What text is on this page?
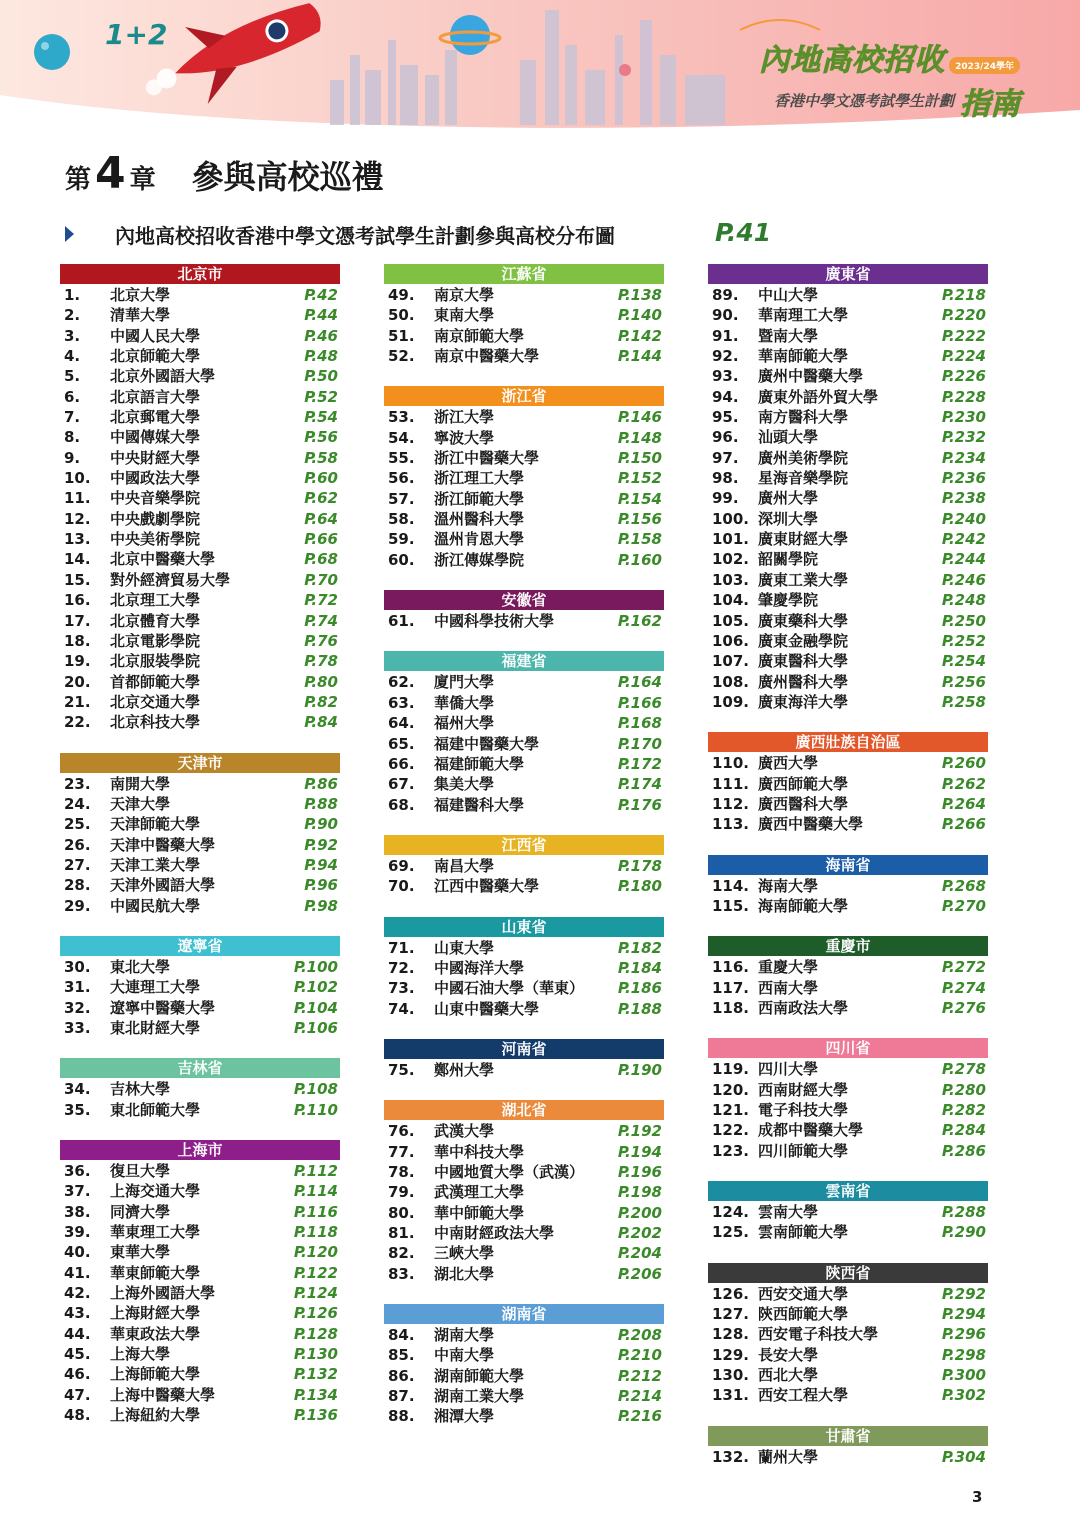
1+2
內地高校招收 2023/24學年
香港中學文憑考試學生計劃 指南
第 4 章 參與高校巡禮
內地高校招收香港中學文憑考試學生計劃參與高校分布圖	P.41
北京市
1.	北京大學	P.42
2.	清華大學	P.44
3.	中國人民大學	P.46
4.	北京師範大學	P.48
5.	北京外國語大學	P.50
6.	北京語言大學	P.52
7.	北京郵電大學	P.54
8.	中國傳媒大學	P.56
9.	中央財經大學	P.58
10.	中國政法大學	P.60
11.	中央音樂學院	P.62
12.	中央戲劇學院	P.64
13.	中央美術學院	P.66
14.	北京中醫藥大學	P.68
15.	對外經濟貿易大學	P.70
16.	北京理工大學	P.72
17.	北京體育大學	P.74
18.	北京電影學院	P.76
19.	北京服裝學院	P.78
20.	首都師範大學	P.80
21.	北京交通大學	P.82
22.	北京科技大學	P.84
天津市
23.	南開大學	P.86
24.	天津大學	P.88
25.	天津師範大學	P.90
26.	天津中醫藥大學	P.92
27.	天津工業大學	P.94
28.	天津外國語大學	P.96
29.	中國民航大學	P.98
遼寧省
30.	東北大學	P.100
31.	大連理工大學	P.102
32.	遼寧中醫藥大學	P.104
33.	東北財經大學	P.106
吉林省
34.	吉林大學	P.108
35.	東北師範大學	P.110
上海市
36.	復旦大學	P.112
37.	上海交通大學	P.114
38.	同濟大學	P.116
39.	華東理工大學	P.118
40.	東華大學	P.120
41.	華東師範大學	P.122
42.	上海外國語大學	P.124
43.	上海財經大學	P.126
44.	華東政法大學	P.128
45.	上海大學	P.130
46.	上海師範大學	P.132
47.	上海中醫藥大學	P.134
48.	上海紐約大學	P.136
江蘇省
49.	南京大學	P.138
50.	東南大學	P.140
51.	南京師範大學	P.142
52.	南京中醫藥大學	P.144
浙江省
53.	浙江大學	P.146
54.	寧波大學	P.148
55.	浙江中醫藥大學	P.150
56.	浙江理工大學	P.152
57.	浙江師範大學	P.154
58.	溫州醫科大學	P.156
59.	溫州肯恩大學	P.158
60.	浙江傳媒學院	P.160
安徽省
61.	中國科學技術大學	P.162
福建省
62.	廈門大學	P.164
63.	華僑大學	P.166
64.	福州大學	P.168
65.	福建中醫藥大學	P.170
66.	福建師範大學	P.172
67.	集美大學	P.174
68.	福建醫科大學	P.176
江西省
69.	南昌大學	P.178
70.	江西中醫藥大學	P.180
山東省
71.	山東大學	P.182
72.	中國海洋大學	P.184
73.	中國石油大學（華東） P.186
74.	山東中醫藥大學	P.188
河南省
75.	鄭州大學	P.190
湖北省
76.	武漢大學	P.192
77.	華中科技大學	P.194
78.	中國地質大學（武漢） P.196
79.	武漢理工大學	P.198
80.	華中師範大學	P.200
81.	中南財經政法大學	P.202
82.	三峽大學	P.204
83.	湖北大學	P.206
湖南省
84.	湖南大學	P.208
85.	中南大學	P.210
86.	湖南師範大學	P.212
87.	湖南工業大學	P.214
88.	湘潭大學	P.216
廣東省
89.	中山大學	P.218
90.	華南理工大學	P.220
91.	暨南大學	P.222
92.	華南師範大學	P.224
93.	廣州中醫藥大學	P.226
94.	廣東外語外貿大學	P.228
95.	南方醫科大學	P.230
96.	汕頭大學	P.232
97.	廣州美術學院	P.234
98.	星海音樂學院	P.236
99.	廣州大學	P.238
100. 深圳大學	P.240
101. 廣東財經大學	P.242
102. 韶關學院	P.244
103. 廣東工業大學	P.246
104. 肇慶學院	P.248
105. 廣東藥科大學	P.250
106. 廣東金融學院	P.252
107. 廣東醫科大學	P.254
108. 廣州醫科大學	P.256
109. 廣東海洋大學	P.258
廣西壯族自治區
110. 廣西大學	P.260
111. 廣西師範大學	P.262
112. 廣西醫科大學	P.264
113. 廣西中醫藥大學	P.266
海南省
114. 海南大學	P.268
115. 海南師範大學	P.270
重慶市
116. 重慶大學	P.272
117. 西南大學	P.274
118. 西南政法大學	P.276
四川省
119. 四川大學	P.278
120. 西南財經大學	P.280
121. 電子科技大學	P.282
122. 成都中醫藥大學	P.284
123. 四川師範大學	P.286
雲南省
124. 雲南大學	P.288
125. 雲南師範大學	P.290
陝西省
126. 西安交通大學	P.292
127. 陝西師範大學	P.294
128. 西安電子科技大學	P.296
129. 長安大學	P.298
130. 西北大學	P.300
131. 西安工程大學	P.302
甘肅省
132. 蘭州大學	P.304
3
